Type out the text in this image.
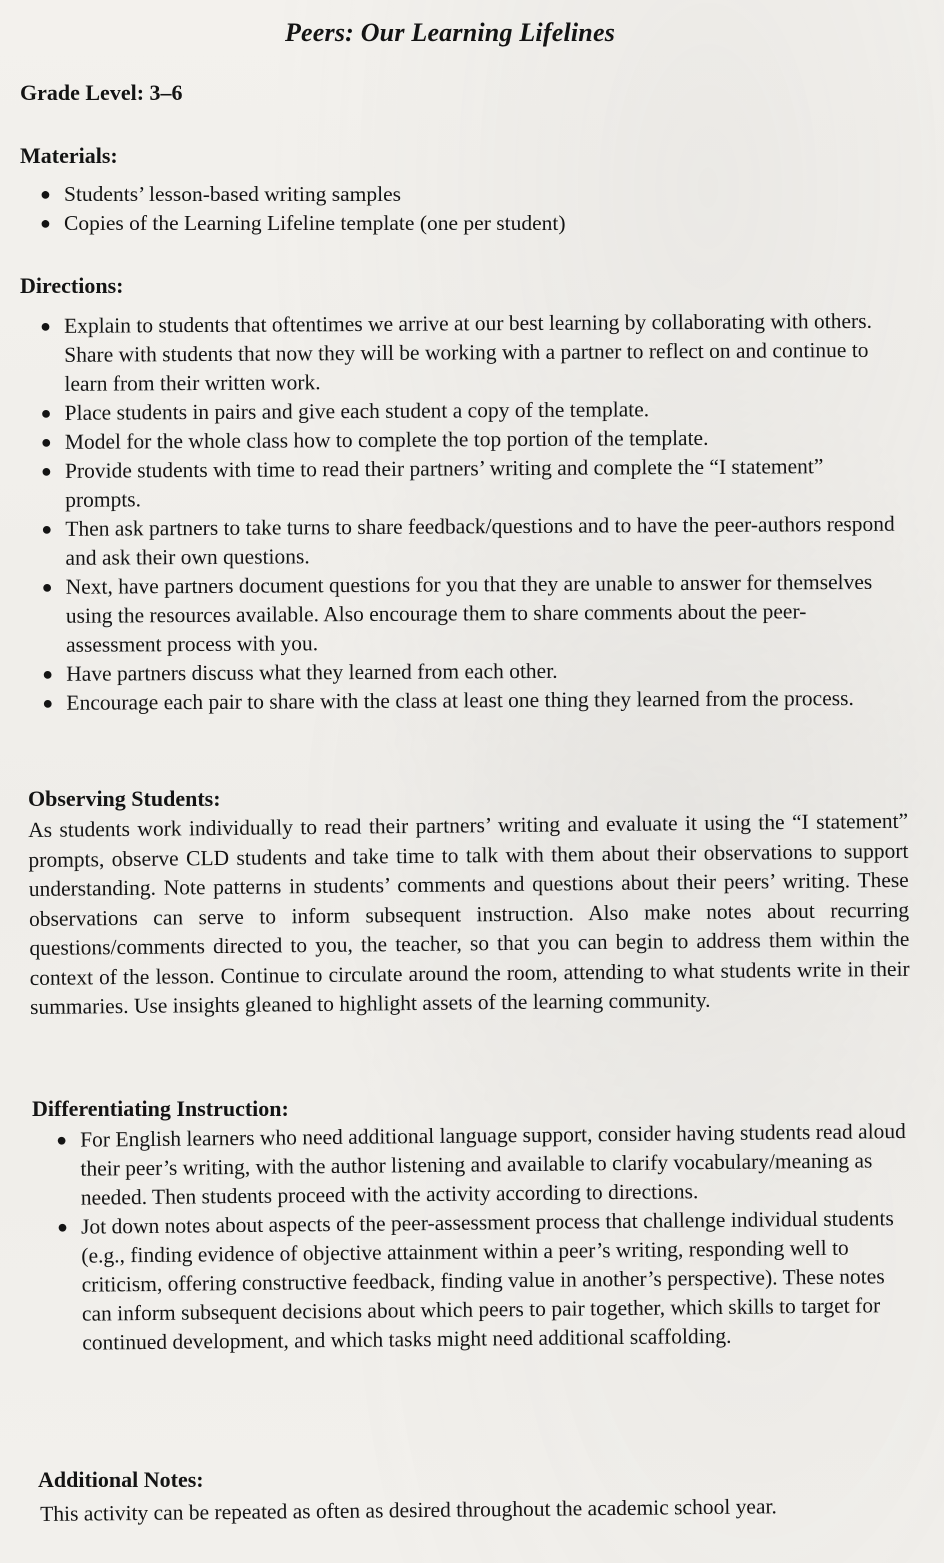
Peers: Our Learning Lifelines
Grade Level: 3–6
Materials:
● Students’ lesson-based writing samples
● Copies of the Learning Lifeline template (one per student)
Directions:
● Explain to students that oftentimes we arrive at our best learning by collaborating with others. Share with students that now they will be working with a partner to reflect on and continue to learn from their written work.
● Place students in pairs and give each student a copy of the template.
● Model for the whole class how to complete the top portion of the template.
● Provide students with time to read their partners’ writing and complete the “I statement” prompts.
● Then ask partners to take turns to share feedback/questions and to have the peer-authors respond and ask their own questions.
● Next, have partners document questions for you that they are unable to answer for themselves using the resources available. Also encourage them to share comments about the peer-assessment process with you.
● Have partners discuss what they learned from each other.
● Encourage each pair to share with the class at least one thing they learned from the process.
Observing Students:

As students work individually to read their partners’ writing and evaluate it using the “I statement” prompts, observe CLD students and take time to talk with them about their observations to support understanding. Note patterns in students’ comments and questions about their peers’ writing. These observations can serve to inform subsequent instruction. Also make notes about recurring questions/comments directed to you, the teacher, so that you can begin to address them within the context of the lesson. Continue to circulate around the room, attending to what students write in their summaries. Use insights gleaned to highlight assets of the learning community.

Differentiating Instruction:
● For English learners who need additional language support, consider having students read aloud their peer’s writing, with the author listening and available to clarify vocabulary/meaning as needed. Then students proceed with the activity according to directions.
● Jot down notes about aspects of the peer-assessment process that challenge individual students (e.g., finding evidence of objective attainment within a peer’s writing, responding well to criticism, offering constructive feedback, finding value in another’s perspective). These notes can inform subsequent decisions about which peers to pair together, which skills to target for continued development, and which tasks might need additional scaffolding.
Additional Notes:

This activity can be repeated as often as desired throughout the academic school year.
